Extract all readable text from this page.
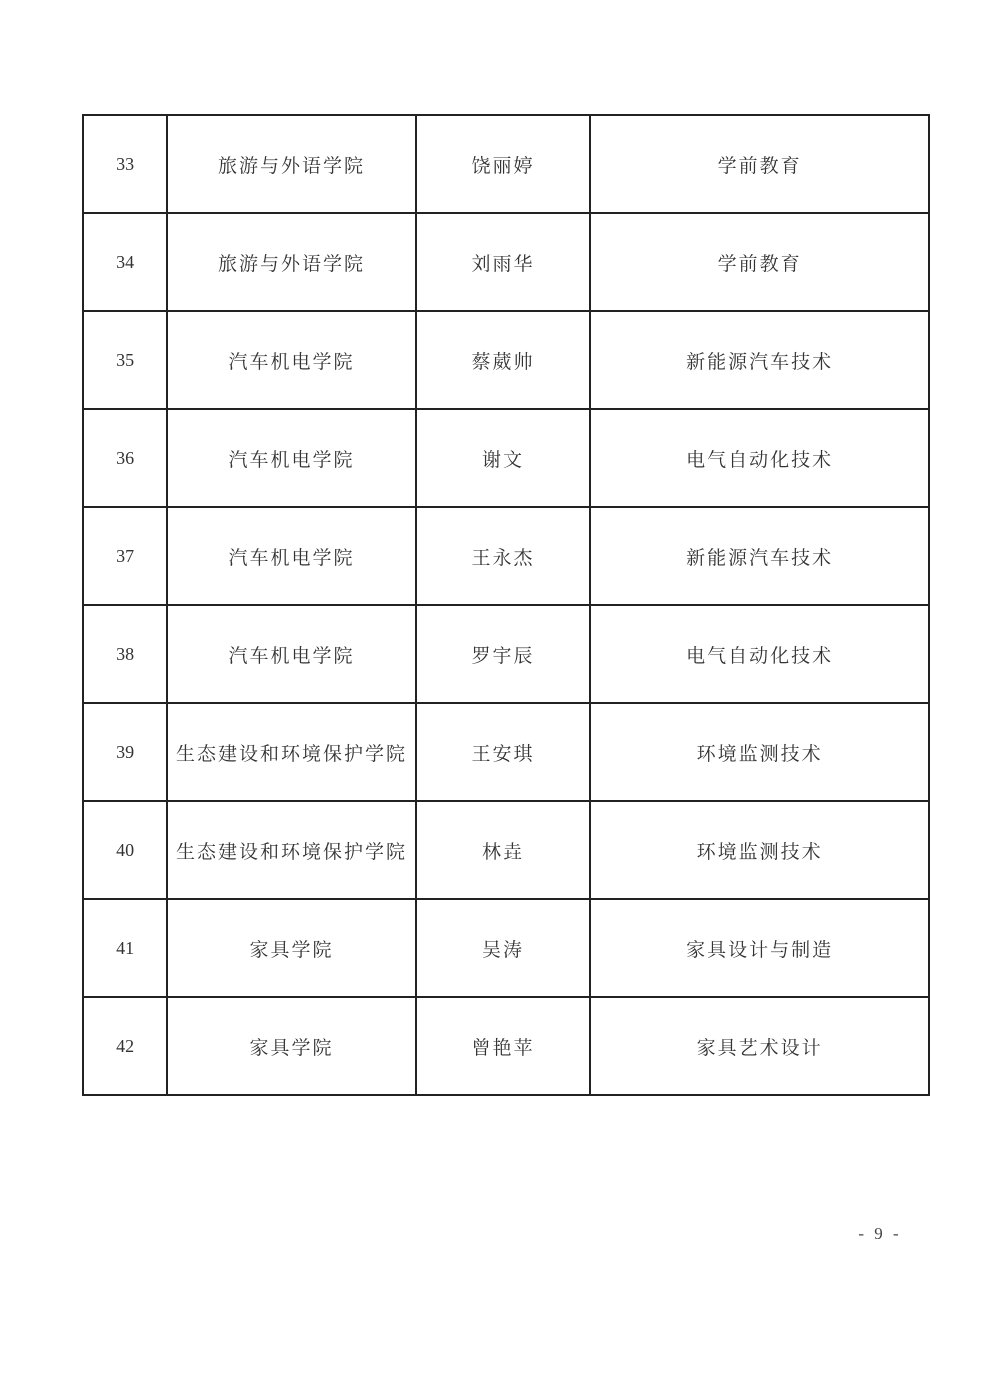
33	旅游与外语学院	饶丽婷	学前教育
34	旅游与外语学院	刘雨华	学前教育
35	汽车机电学院	蔡葳帅	新能源汽车技术
36	汽车机电学院	谢文	电气自动化技术
37	汽车机电学院	王永杰	新能源汽车技术
38	汽车机电学院	罗宇辰	电气自动化技术
39	生态建设和环境保护学院	王安琪	环境监测技术
40	生态建设和环境保护学院	林垚	环境监测技术
41	家具学院	吴涛	家具设计与制造
42	家具学院	曾艳苹	家具艺术设计
- 9 -
